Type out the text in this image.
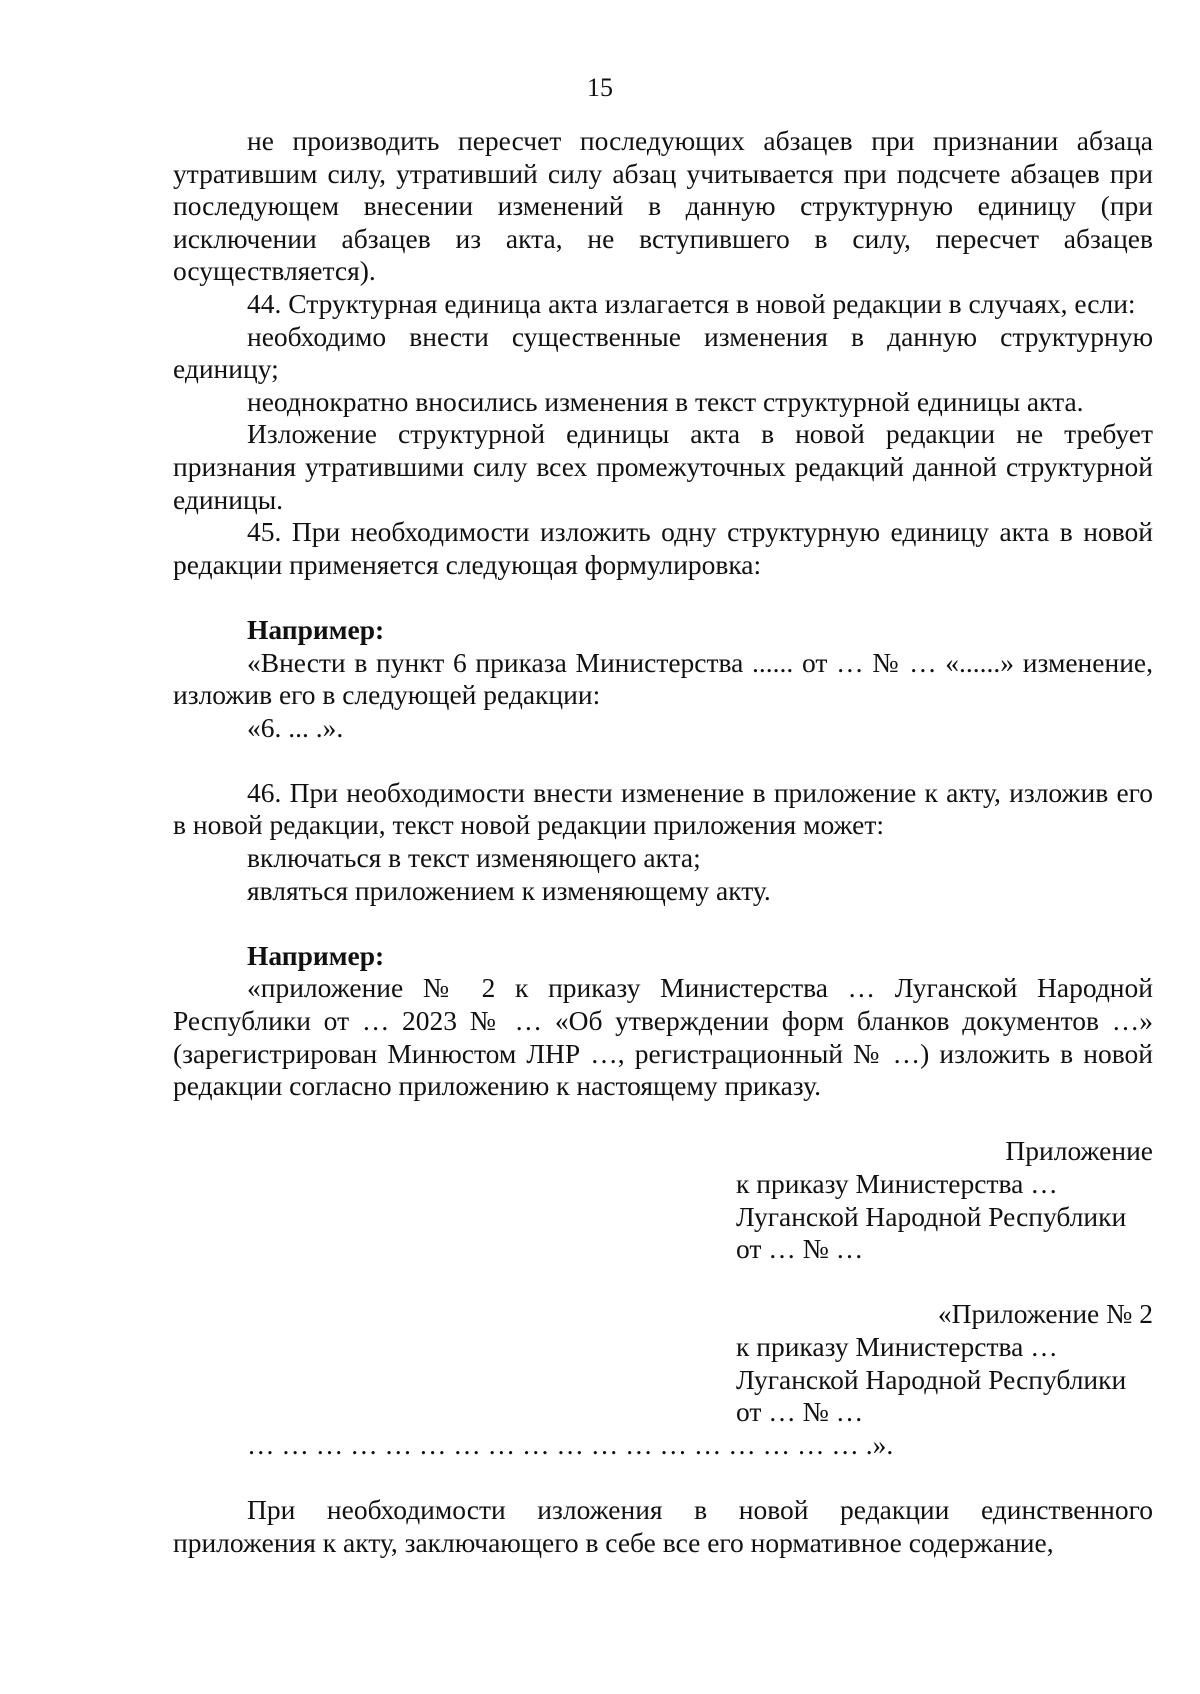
15

не производить пересчет последующих абзацев при признании абзаца утратившим силу, утративший силу абзац учитывается при подсчете абзацев при последующем внесении изменений в данную структурную единицу (при исключении абзацев из акта, не вступившего в силу, пересчет абзацев осуществляется).

44. Структурная единица акта излагается в новой редакции в случаях, если:

необходимо внести существенные изменения в данную структурную единицу;

неоднократно вносились изменения в текст структурной единицы акта.

Изложение структурной единицы акта в новой редакции не требует признания утратившими силу всех промежуточных редакций данной структурной единицы.

45. При необходимости изложить одну структурную единицу акта в новой редакции применяется следующая формулировка:

Например:

«Внести в пункт 6 приказа Министерства ...... от … № … «......» изменение, изложив его в следующей редакции:

«6. ... .».

46. При необходимости внести изменение в приложение к акту, изложив его в новой редакции, текст новой редакции приложения может:

включаться в текст изменяющего акта;

являться приложением к изменяющему акту.

Например:

«приложение № 2 к приказу Министерства … Луганской Народной Республики от … 2023 № … «Об утверждении форм бланков документов …» (зарегистрирован Минюстом ЛНР …, регистрационный № …) изложить в новой редакции согласно приложению к настоящему приказу.

Приложение

к приказу Министерства …

Луганской Народной Республики

от … № …

«Приложение № 2

к приказу Министерства …

Луганской Народной Республики

от … № …

… … … … … … … … … … … … … … … … … … .».

При необходимости изложения в новой редакции единственного приложения к акту, заключающего в себе все его нормативное содержание,
